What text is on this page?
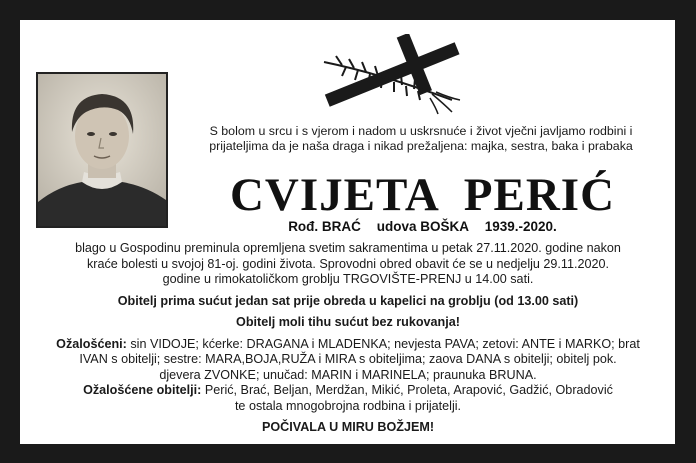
S bolom u srcu i s vjerom i nadom u uskrsnuće i život vječni javljamo rodbini i
prijateljima da je naša draga i nikad prežaljena: majka, sestra, baka i prabaka
CVIJETA PERIĆ
Rođ. BRAĆ udova BOŠKA 1939.-2020.
blago u Gospodinu preminula opremljena svetim sakramentima u petak 27.11.2020. godine nakon
kraće bolesti u svojoj 81-oj. godini života. Sprovodni obred obavit će se u nedjelju 29.11.2020.
godine u rimokatoličkom groblju TRGOVIŠTE-PRENJ u 14.00 sati.
Obitelj prima sućut jedan sat prije obreda u kapelici na groblju (od 13.00 sati)
Obitelj moli tihu sućut bez rukovanja!
Ožalošćeni: sin VIDOJE; kćerke: DRAGANA i MLADENKA; nevjesta PAVA; zetovi: ANTE i MARKO; brat
IVAN s obitelji; sestre: MARA,BOJA,RUŽA i MIRA s obiteljima; zaova DANA s obitelji; obitelj pok.
djevera ZVONKE; unučad: MARIN i MARINELA; praunuka BRUNA.
Ožalošćene obitelji: Perić, Brać, Beljan, Merdžan, Mikić, Proleta, Arapović, Gadžić, Obradović
te ostala mnogobrojna rodbina i prijatelji.
POČIVALA U MIRU BOŽJEM!
